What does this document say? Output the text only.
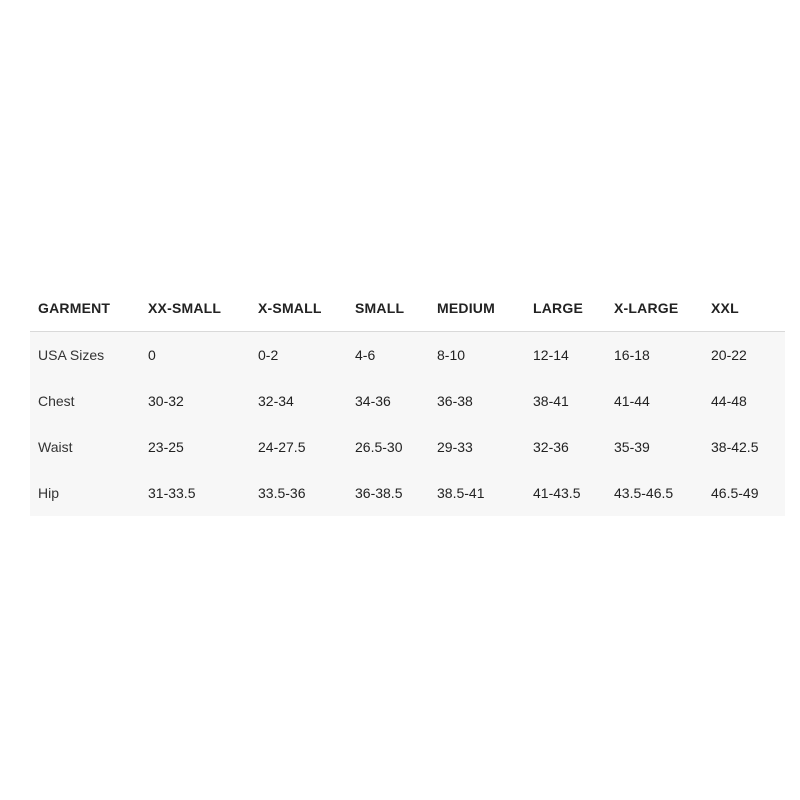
GARMENT	XX-SMALL	X-SMALL	SMALL	MEDIUM	LARGE	X-LARGE	XXL
USA Sizes	0	0-2	4-6	8-10	12-14	16-18	20-22
Chest	30-32	32-34	34-36	36-38	38-41	41-44	44-48
Waist	23-25	24-27.5	26.5-30	29-33	32-36	35-39	38-42.5
Hip	31-33.5	33.5-36	36-38.5	38.5-41	41-43.5	43.5-46.5	46.5-49
